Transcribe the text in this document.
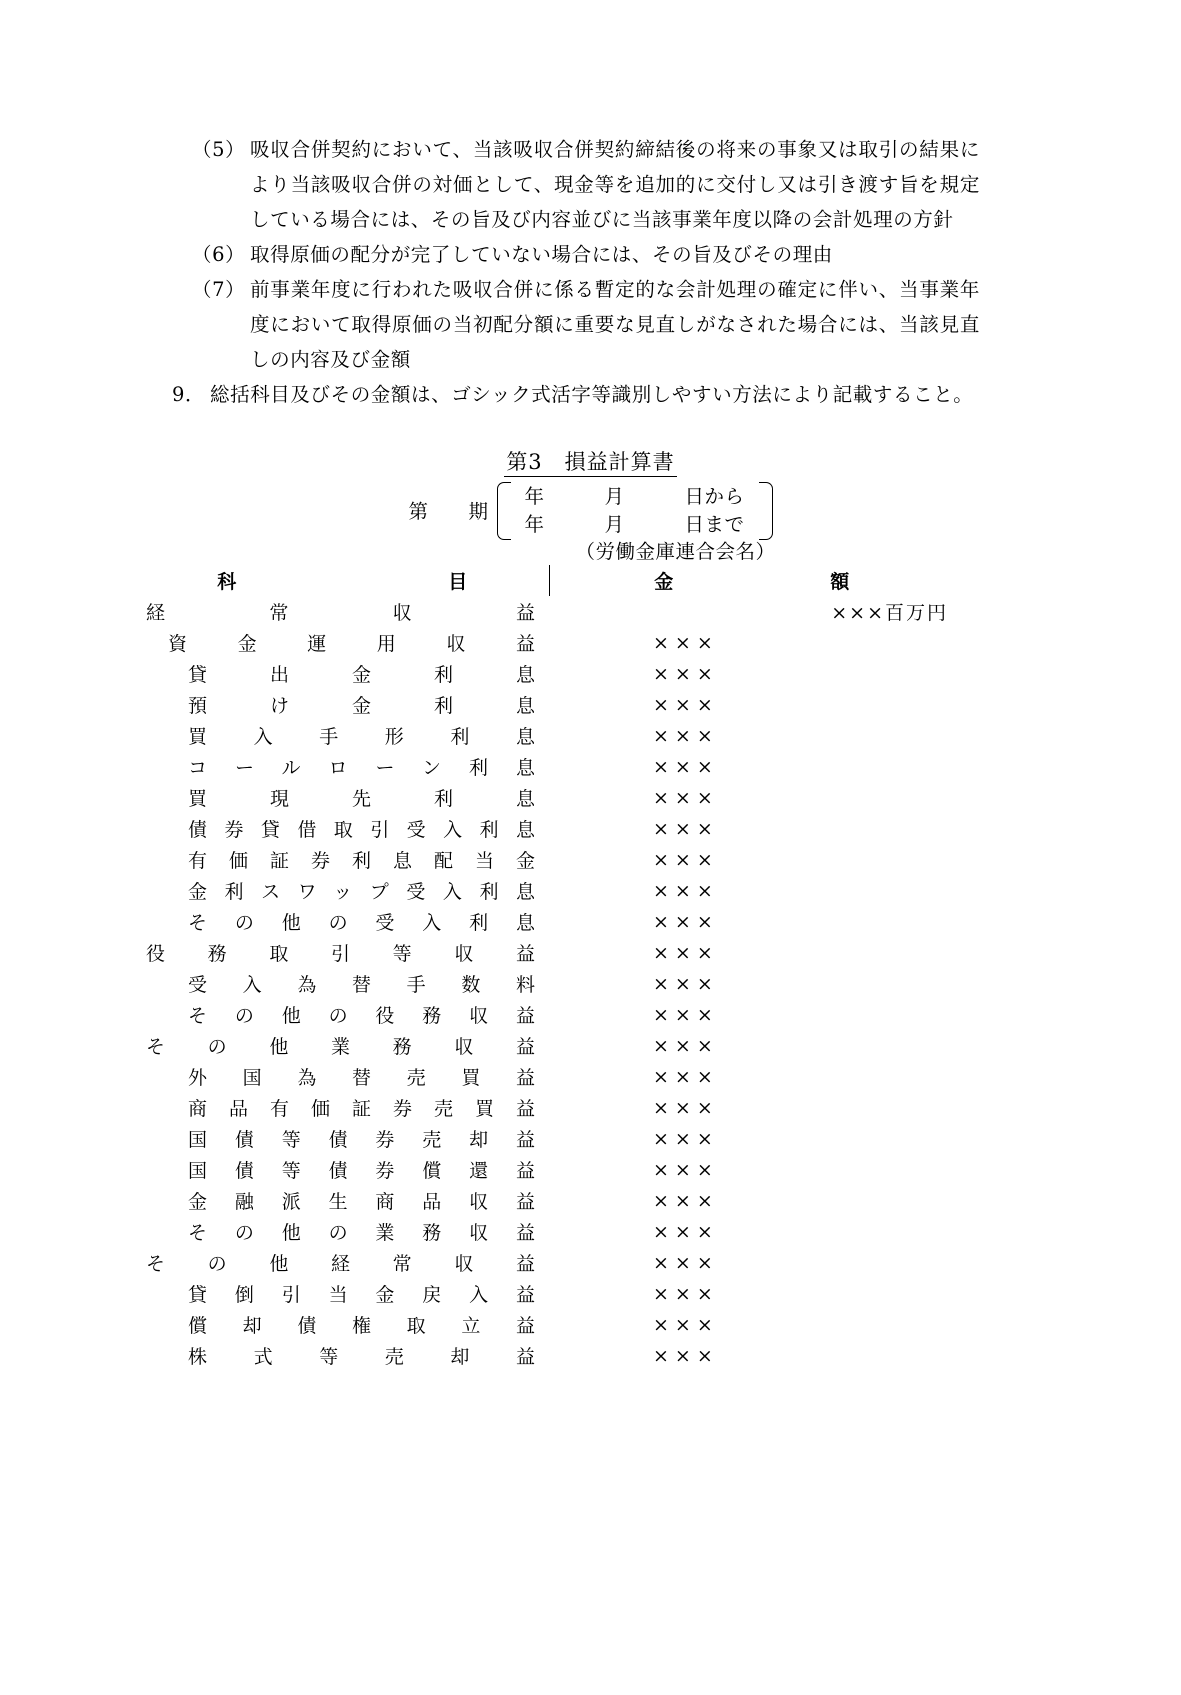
（5） 吸収合併契約において、当該吸収合併契約締結後の将来の事象又は取引の結果により当該吸収合併の対価として、現金等を追加的に交付し又は引き渡す旨を規定している場合には、その旨及び内容並びに当該事業年度以降の会計処理の方針
（6） 取得原価の配分が完了していない場合には、その旨及びその理由
（7） 前事業年度に行われた吸収合併に係る暫定的な会計処理の確定に伴い、当事業年度において取得原価の当初配分額に重要な見直しがなされた場合には、当該見直しの内容及び金額
9． 総括科目及びその金額は、ゴシック式活字等識別しやすい方法により記載すること。
第3　損益計算書
第　　期
年　　　月　　　日から
年　　　月　　　日まで
（労働金庫連合会名）
科目	金額

経常収益	×××百万円

資金運用収益	×××

貸出金利息	×××

預け金利息	×××

買入手形利息	×××

コールローン利息	×××

買現先利息	×××

債券貸借取引受入利息	×××

有価証券利息配当金	×××

金利スワップ受入利息	×××

その他の受入利息	×××

役務取引等収益	×××

受入為替手数料	×××

その他の役務収益	×××

その他業務収益	×××

外国為替売買益	×××

商品有価証券売買益	×××

国債等債券売却益	×××

国債等債券償還益	×××

金融派生商品収益	×××

その他の業務収益	×××

その他経常収益	×××

貸倒引当金戻入益	×××

償却債権取立益	×××

株式等売却益	×××
